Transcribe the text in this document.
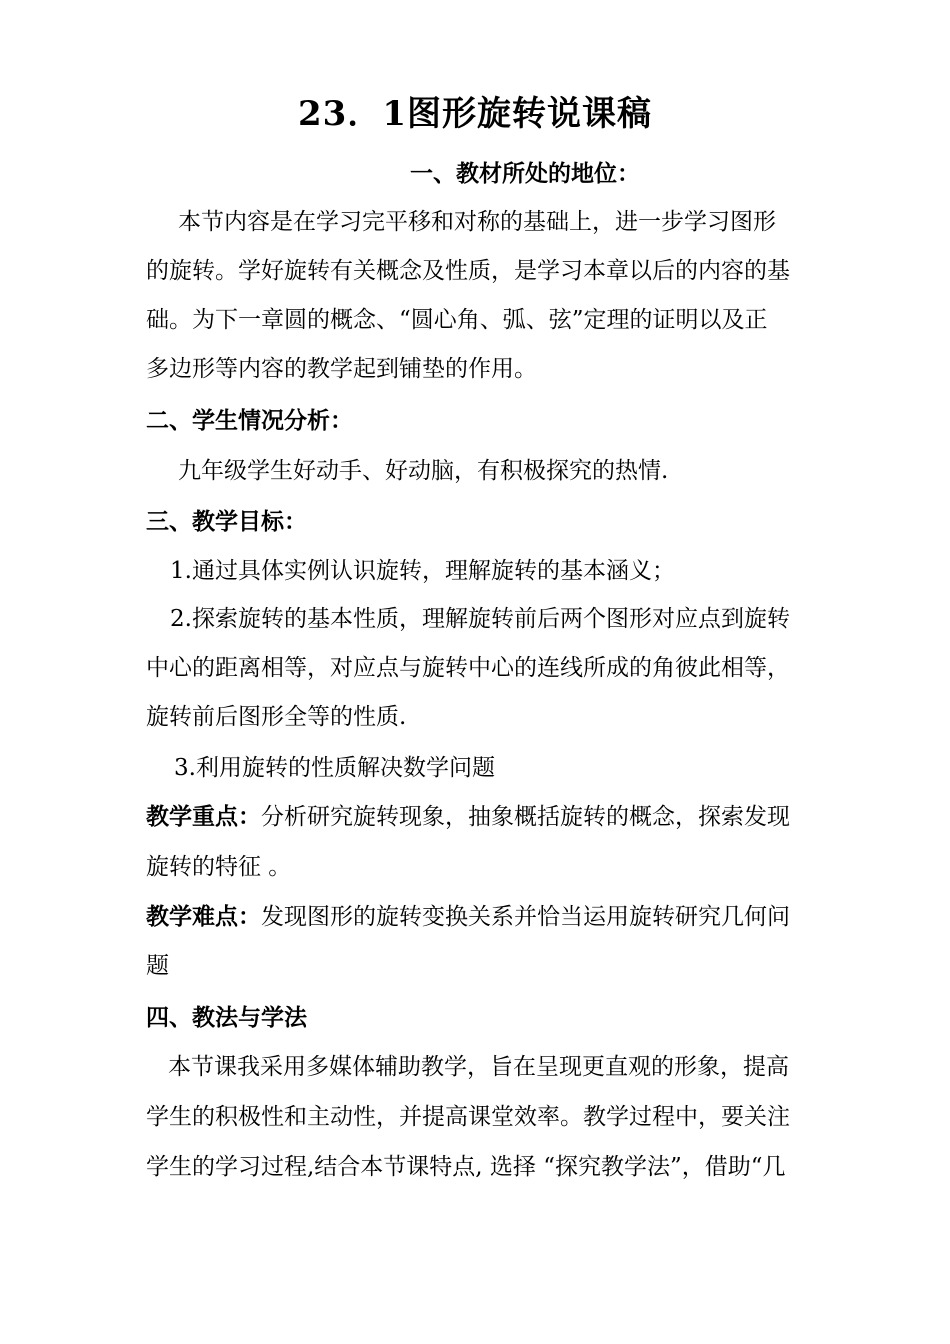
23．1图形旋转说课稿
一、教材所处的地位：
本节内容是在学习完平移和对称的基础上，进一步学习图形
的旋转。学好旋转有关概念及性质，是学习本章以后的内容的基
础。为下一章圆的概念、“圆心角、弧、弦”定理的证明以及正
多边形等内容的教学起到铺垫的作用。
二、学生情况分析：
九年级学生好动手、好动脑，有积极探究的热情.
三、教学目标：
1.通过具体实例认识旋转，理解旋转的基本涵义；
2.探索旋转的基本性质，理解旋转前后两个图形对应点到旋转
中心的距离相等，对应点与旋转中心的连线所成的角彼此相等，
旋转前后图形全等的性质.
3.利用旋转的性质解决数学问题
教学重点：分析研究旋转现象，抽象概括旋转的概念，探索发现
旋转的特征 。
教学难点：发现图形的旋转变换关系并恰当运用旋转研究几何问
题
四、教法与学法
本节课我采用多媒体辅助教学，旨在呈现更直观的形象，提高
学生的积极性和主动性，并提高课堂效率。教学过程中，要关注
学生的学习过程,结合本节课特点, 选择 “探究教学法”，借助“几
